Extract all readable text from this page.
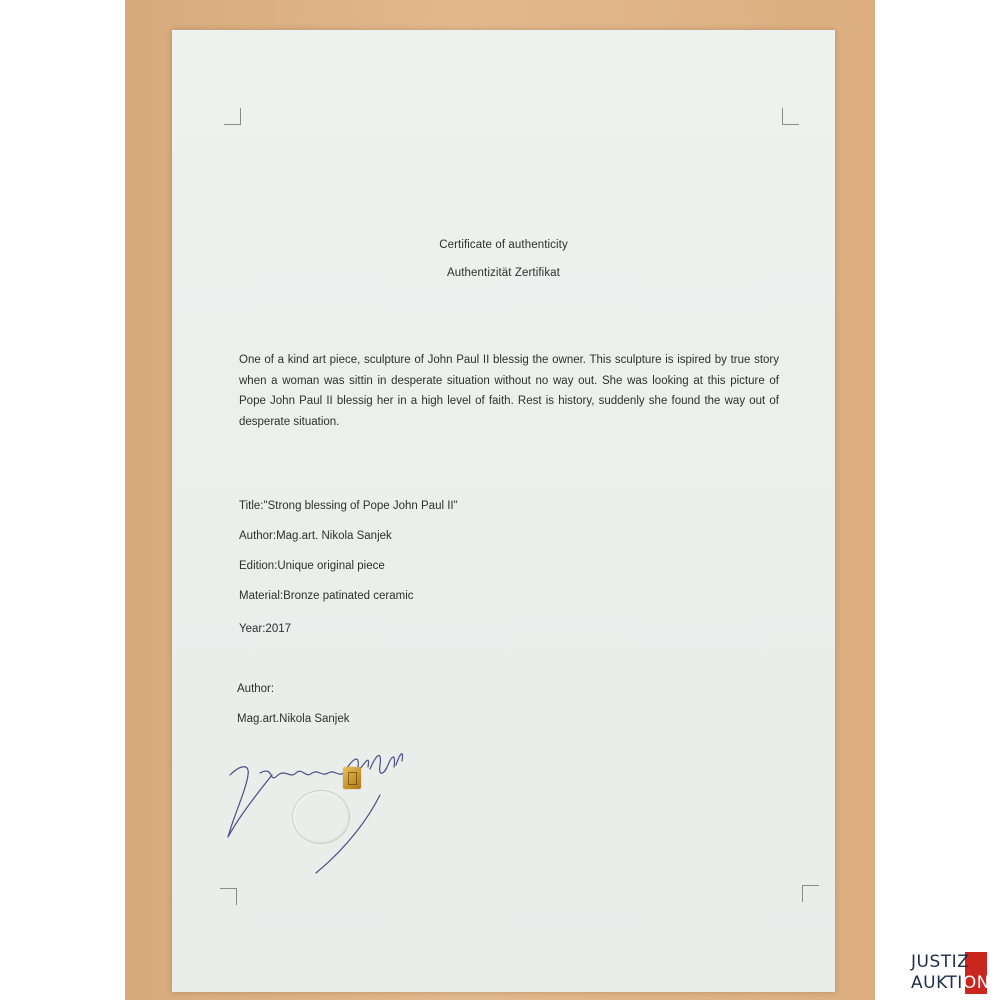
Certificate of authenticity
Authentizität Zertifikat
One of a kind art piece, sculpture of John Paul II blessig the owner. This sculpture is ispired by true story when a woman was sittin in desperate situation without no way out. She was looking at this picture of Pope John Paul II blessig her in a high level of faith. Rest is history, suddenly she found the way out of desperate situation.
Title:"Strong blessing of Pope John Paul II"
Author:Mag.art. Nikola Sanjek
Edition:Unique original piece
Material:Bronze patinated ceramic
Year:2017
Author:
Mag.art.Nikola Sanjek
JUSTIZ
AUKTION
